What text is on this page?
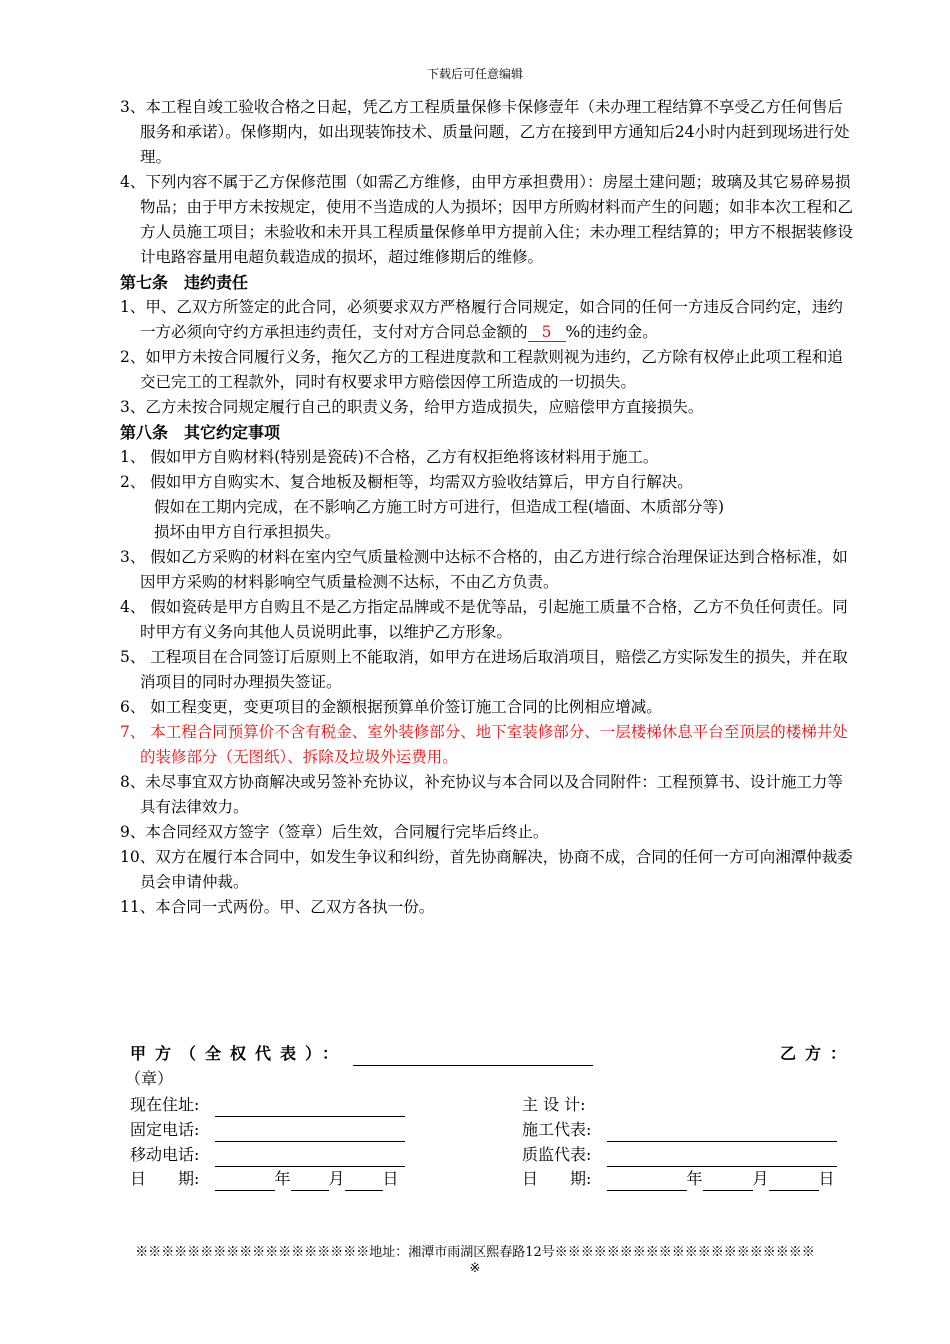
下载后可任意编辑

3、本工程自竣工验收合格之日起，凭乙方工程质量保修卡保修壹年（未办理工程结算不享受乙方任何售后服务和承诺）。保修期内，如出现装饰技术、质量问题，乙方在接到甲方通知后24小时内赶到现场进行处理。

4、下列内容不属于乙方保修范围（如需乙方维修，由甲方承担费用）：房屋土建问题；玻璃及其它易碎易损物品；由于甲方未按规定，使用不当造成的人为损坏；因甲方所购材料而产生的问题；如非本次工程和乙方人员施工项目；未验收和未开具工程质量保修单甲方提前入住；未办理工程结算的；甲方不根据装修设计电路容量用电超负载造成的损坏，超过维修期后的维修。

第七条　违约责任

1、甲、乙双方所签定的此合同，必须要求双方严格履行合同规定，如合同的任何一方违反合同约定，违约一方必须向守约方承担违约责任，支付对方合同总金额的 5 %的违约金。

2、如甲方未按合同履行义务，拖欠乙方的工程进度款和工程款则视为违约，乙方除有权停止此项工程和追交已完工的工程款外，同时有权要求甲方赔偿因停工所造成的一切损失。

3、乙方未按合同规定履行自己的职责义务，给甲方造成损失，应赔偿甲方直接损失。

第八条　其它约定事项

1、 假如甲方自购材料(特别是瓷砖)不合格，乙方有权拒绝将该材料用于施工。

2、 假如甲方自购实木、复合地板及橱柜等，均需双方验收结算后，甲方自行解决。

假如在工期内完成，在不影响乙方施工时方可进行，但造成工程(墙面、木质部分等)

损坏由甲方自行承担损失。

3、 假如乙方采购的材料在室内空气质量检测中达标不合格的，由乙方进行综合治理保证达到合格标准，如因甲方采购的材料影响空气质量检测不达标，不由乙方负责。

4、 假如瓷砖是甲方自购且不是乙方指定品牌或不是优等品，引起施工质量不合格，乙方不负任何责任。同时甲方有义务向其他人员说明此事，以维护乙方形象。

5、 工程项目在合同签订后原则上不能取消，如甲方在进场后取消项目，赔偿乙方实际发生的损失，并在取消项目的同时办理损失签证。

6、 如工程变更，变更项目的金额根据预算单价签订施工合同的比例相应增减。

7、 本工程合同预算价不含有税金、室外装修部分、地下室装修部分、一层楼梯休息平台至顶层的楼梯井处的装修部分（无图纸）、拆除及垃圾外运费用。

8、未尽事宜双方协商解决或另签补充协议，补充协议与本合同以及合同附件：工程预算书、设计施工力等具有法律效力。

9、本合同经双方签字（签章）后生效，合同履行完毕后终止。

10、双方在履行本合同中，如发生争议和纠纷，首先协商解决，协商不成，合同的任何一方可向湘潭仲裁委员会申请仲裁。

11、本合同一式两份。甲、乙双方各执一份。

甲方（全权代表）：	乙方：
（章）
现在住址:
固定电话:
移动电话:
日　　期:	年 月 日
主 设 计:
施工代表:
质监代表:
日　　期:	年	月	日
※※※※※※※※※※※※※※※※※※地址：湘潭市雨湖区熙春路12号※※※※※※※※※※※※※※※※※※※※
※
